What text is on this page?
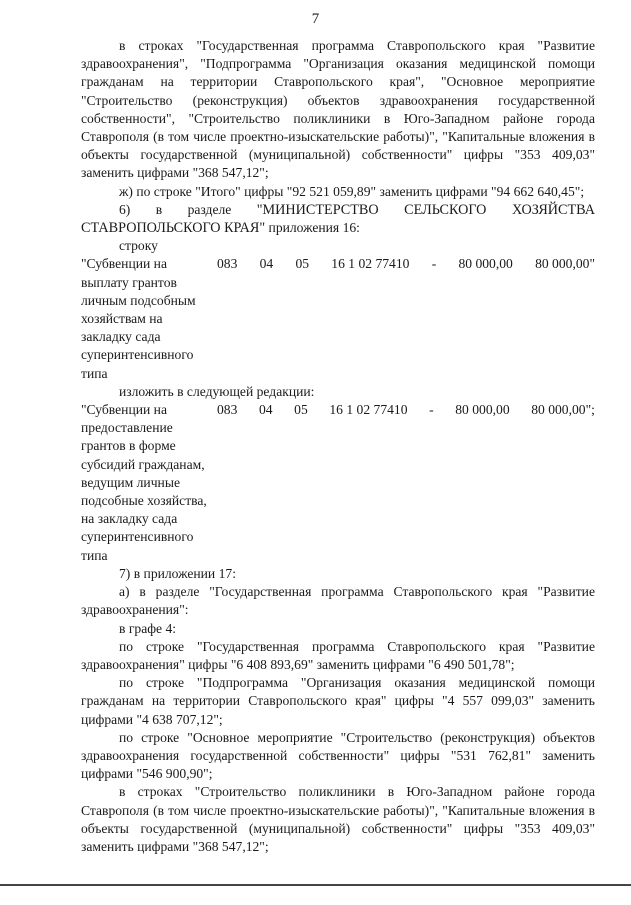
7

в строках "Государственная программа Ставропольского края "Развитие здравоохранения", "Подпрограмма "Организация оказания медицинской помощи гражданам на территории Ставропольского края", "Основное мероприятие "Строительство (реконструкция) объектов здравоохранения государственной собственности", "Строительство поликлиники в Юго-Западном районе города Ставрополя (в том числе проектно-изыскательские работы)", "Капитальные вложения в объекты государственной (муниципальной) собственности" цифры "353 409,03" заменить цифрами "368 547,12";

ж) по строке "Итого" цифры "92 521 059,89" заменить цифрами "94 662 640,45";

6) в разделе "МИНИСТЕРСТВО СЕЛЬСКОГО ХОЗЯЙСТВА СТАВРОПОЛЬСКОГО КРАЯ" приложения 16:

строку
"Субвенции на выплату грантов личным подсобным хозяйствам на закладку сада суперинтенсивного типа
083 04 05 16 1 02 77410 - 80 000,00 80 000,00"
изложить в следующей редакции:
"Субвенции на предоставление грантов в форме субсидий гражданам, ведущим личные подсобные хозяйства, на закладку сада суперинтенсивного типа
083 04 05 16 1 02 77410 - 80 000,00 80 000,00";
7) в приложении 17:

а) в разделе "Государственная программа Ставропольского края "Развитие здравоохранения":

в графе 4:

по строке "Государственная программа Ставропольского края "Развитие здравоохранения" цифры "6 408 893,69" заменить цифрами "6 490 501,78";

по строке "Подпрограмма "Организация оказания медицинской помощи гражданам на территории Ставропольского края" цифры "4 557 099,03" заменить цифрами "4 638 707,12";

по строке "Основное мероприятие "Строительство (реконструкция) объектов здравоохранения государственной собственности" цифры "531 762,81" заменить цифрами "546 900,90";

в строках "Строительство поликлиники в Юго-Западном районе города Ставрополя (в том числе проектно-изыскательские работы)", "Капитальные вложения в объекты государственной (муниципальной) собственности" цифры "353 409,03" заменить цифрами "368 547,12";
